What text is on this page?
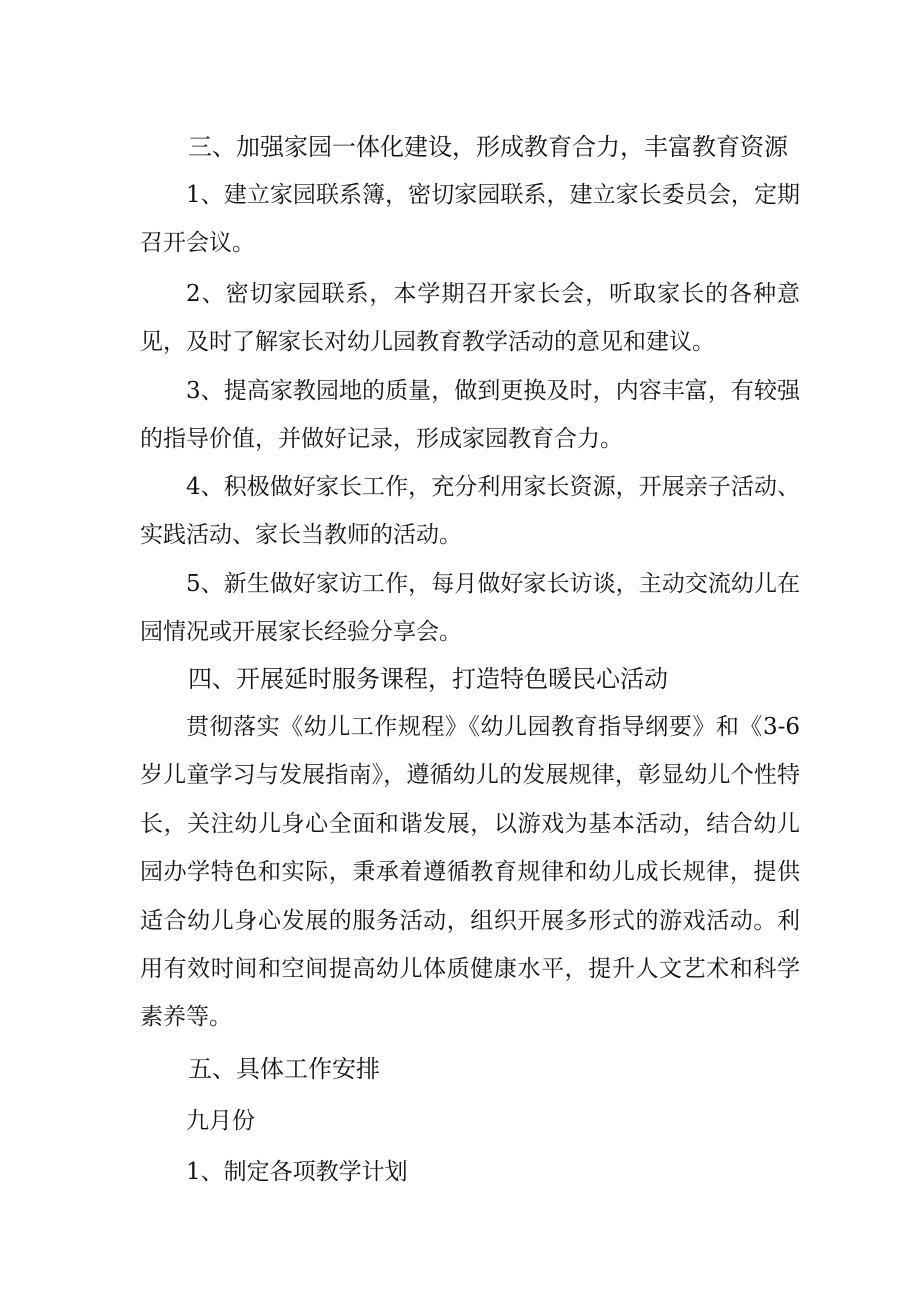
三、加强家园一体化建设，形成教育合力，丰富教育资源
1、建立家园联系簿，密切家园联系，建立家长委员会，定期召开会议。
2、密切家园联系，本学期召开家长会，听取家长的各种意见，及时了解家长对幼儿园教育教学活动的意见和建议。
3、提高家教园地的质量，做到更换及时，内容丰富，有较强的指导价值，并做好记录，形成家园教育合力。
4、积极做好家长工作，充分利用家长资源，开展亲子活动、实践活动、家长当教师的活动。
5、新生做好家访工作，每月做好家长访谈，主动交流幼儿在园情况或开展家长经验分享会。
四、开展延时服务课程，打造特色暖民心活动
贯彻落实《幼儿工作规程》《幼儿园教育指导纲要》和《3-6岁儿童学习与发展指南》，遵循幼儿的发展规律，彰显幼儿个性特长，关注幼儿身心全面和谐发展，以游戏为基本活动，结合幼儿园办学特色和实际，秉承着遵循教育规律和幼儿成长规律，提供适合幼儿身心发展的服务活动，组织开展多形式的游戏活动。利用有效时间和空间提高幼儿体质健康水平，提升人文艺术和科学素养等。
五、具体工作安排
九月份
1、制定各项教学计划
